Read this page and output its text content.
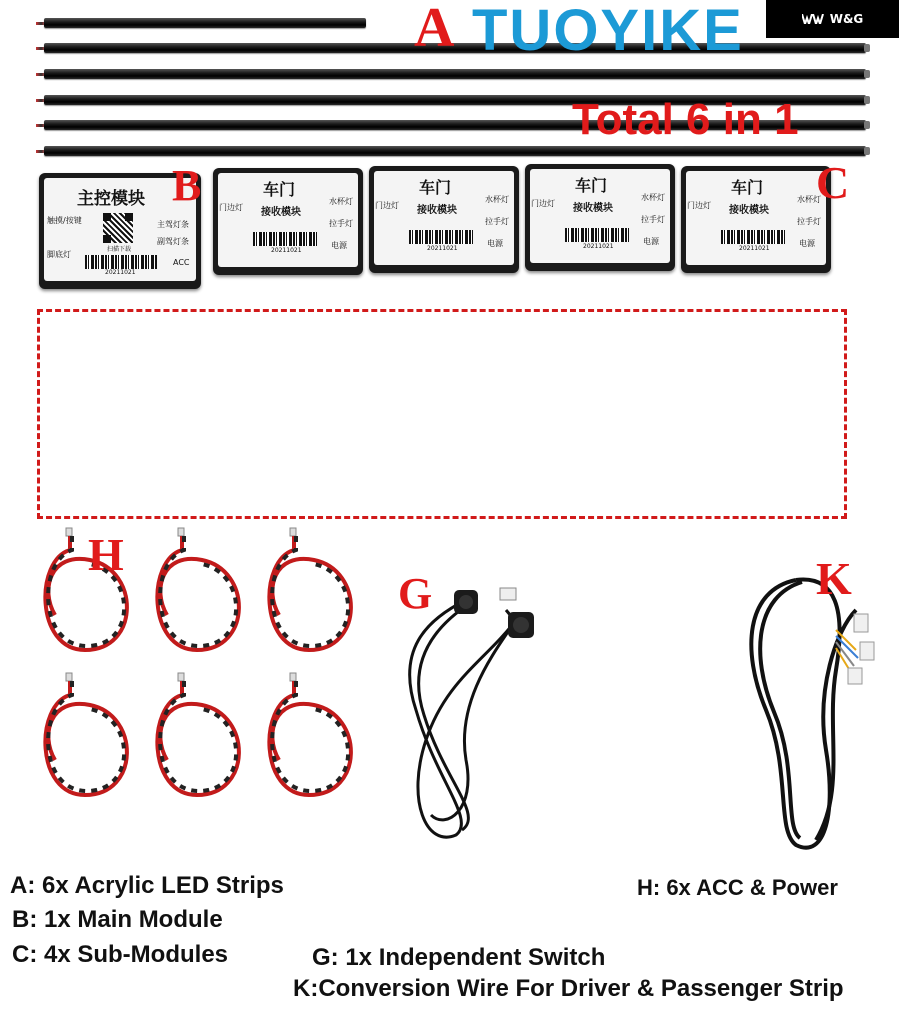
W&G
A TUOYIKE
Total 6 in 1
主控模块
触摸/按键
脚底灯
主驾灯条
副驾灯条
ACC
扫描下载
20211021
B	车门
接收模块
门边灯
水杯灯
拉手灯
电源
20211021
车门
接收模块
门边灯
水杯灯
拉手灯
电源
20211021
车门
接收模块
门边灯
水杯灯
拉手灯
电源
20211021
车门
接收模块
门边灯
水杯灯
拉手灯
电源
20211021
C
H
G	K
A: 6x Acrylic LED Strips
B: 1x Main Module
C: 4x Sub-Modules
H: 6x ACC & Power
G: 1x Independent Switch
K:Conversion Wire For Driver & Passenger Strip
